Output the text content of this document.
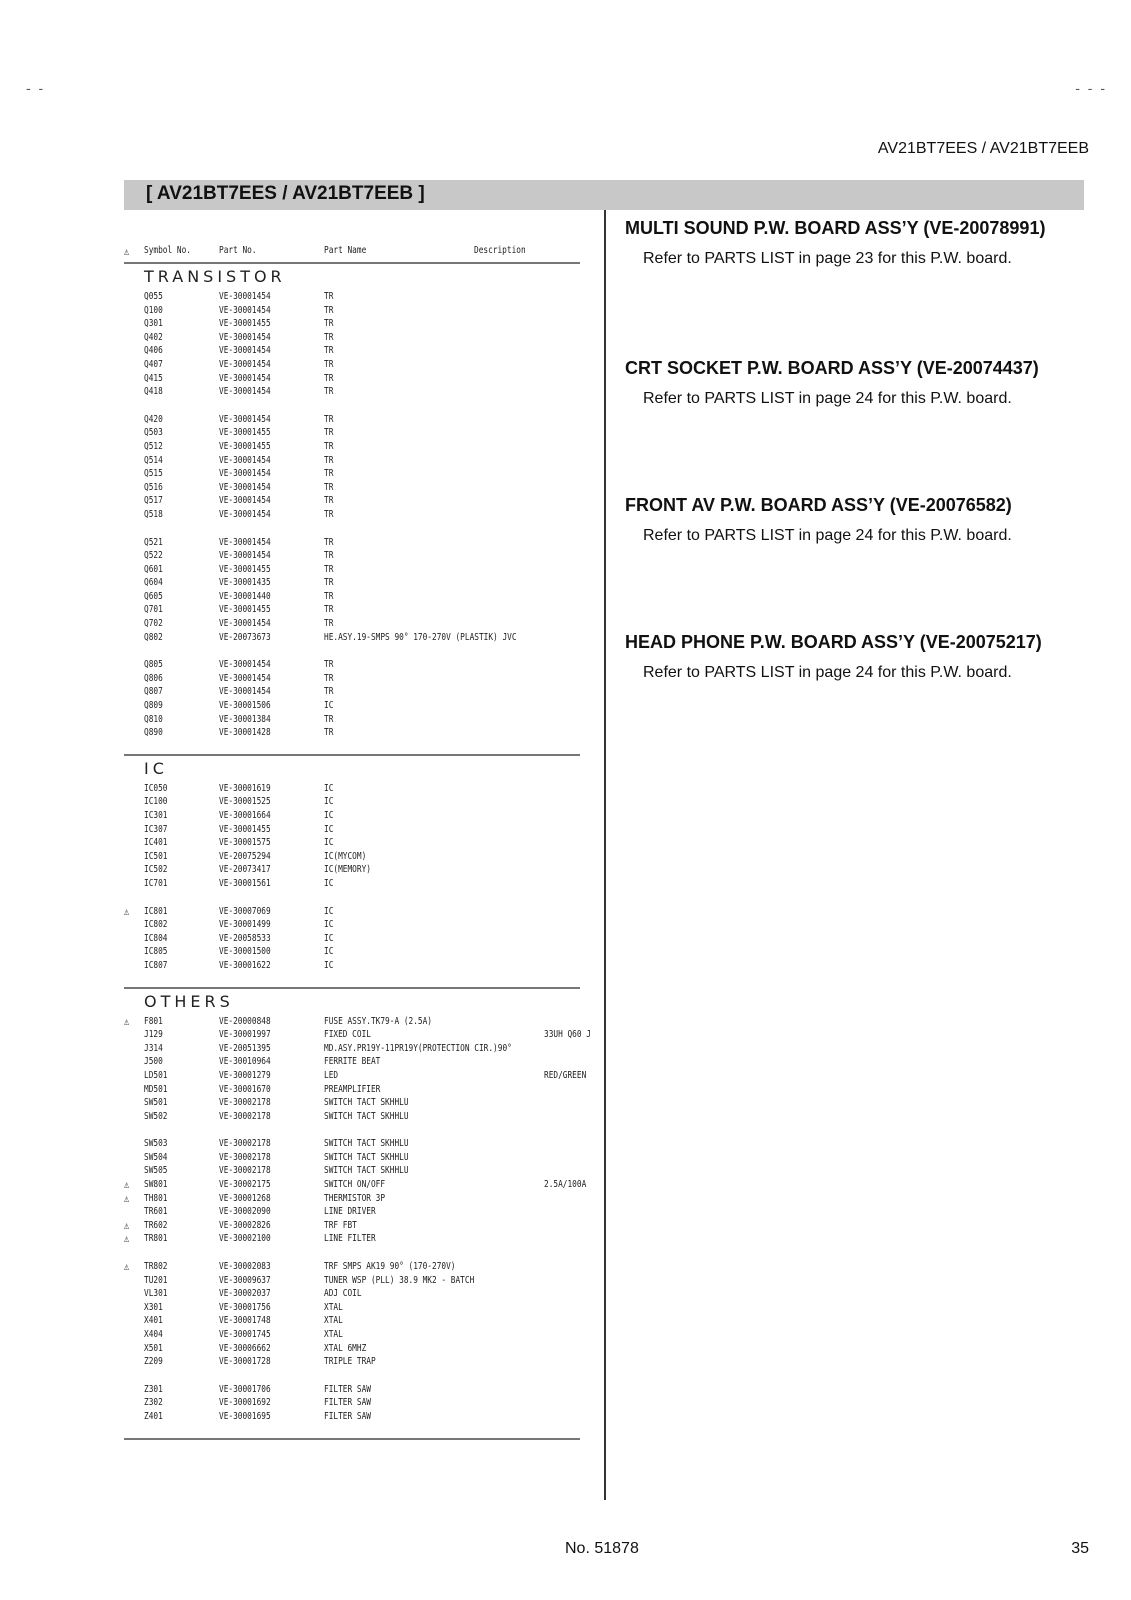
- -	- - -
AV21BT7EES / AV21BT7EEB
[ AV21BT7EES / AV21BT7EEB ]
⚠ Symbol No.	Part No.	Part Name	Description
TRANSISTOR
Q055	VE-30001454	TR
Q100	VE-30001454	TR
Q301	VE-30001455	TR
Q402	VE-30001454	TR
Q406	VE-30001454	TR
Q407	VE-30001454	TR
Q415	VE-30001454	TR
Q418	VE-30001454	TR
Q420	VE-30001454	TR
Q503	VE-30001455	TR
Q512	VE-30001455	TR
Q514	VE-30001454	TR
Q515	VE-30001454	TR
Q516	VE-30001454	TR
Q517	VE-30001454	TR
Q518	VE-30001454	TR
Q521	VE-30001454	TR
Q522	VE-30001454	TR
Q601	VE-30001455	TR
Q604	VE-30001435	TR
Q605	VE-30001440	TR
Q701	VE-30001455	TR
Q702	VE-30001454	TR
Q802	VE-20073673	HE.ASY.19-SMPS 90° 170-270V (PLASTIK) JVC
Q805	VE-30001454	TR
Q806	VE-30001454	TR
Q807	VE-30001454	TR
Q809	VE-30001506	IC
Q810	VE-30001384	TR
Q890	VE-30001428	TR
IC
IC050	VE-30001619	IC
IC100	VE-30001525	IC
IC301	VE-30001664	IC
IC307	VE-30001455	IC
IC401	VE-30001575	IC
IC501	VE-20075294	IC(MYCOM)
IC502	VE-20073417	IC(MEMORY)
IC701	VE-30001561	IC
⚠ IC801	VE-30007069	IC
IC802	VE-30001499	IC
IC804	VE-20058533	IC
IC805	VE-30001500	IC
IC807	VE-30001622	IC
OTHERS
⚠ F801	VE-20000848	FUSE ASSY.TK79-A (2.5A)
J129	VE-30001997	FIXED COIL	33UH Q60 J
J314	VE-20051395	MD.ASY.PR19Y-11PR19Y(PROTECTION CIR.)90°
J500	VE-30010964	FERRITE BEAT
LD501	VE-30001279	LED	RED/GREEN
MD501	VE-30001670	PREAMPLIFIER
SW501	VE-30002178	SWITCH TACT SKHHLU
SW502	VE-30002178	SWITCH TACT SKHHLU
SW503	VE-30002178	SWITCH TACT SKHHLU
SW504	VE-30002178	SWITCH TACT SKHHLU
SW505	VE-30002178	SWITCH TACT SKHHLU
⚠ SW801	VE-30002175	SWITCH ON/OFF	2.5A/100A
⚠ TH801	VE-30001268	THERMISTOR 3P
TR601	VE-30002090	LINE DRIVER
⚠ TR602	VE-30002826	TRF FBT
⚠ TR801	VE-30002100	LINE FILTER
⚠ TR802	VE-30002083	TRF SMPS AK19 90° (170-270V)
TU201	VE-30009637	TUNER WSP (PLL) 38.9 MK2 - BATCH
VL301	VE-30002037	ADJ COIL
X301	VE-30001756	XTAL
X401	VE-30001748	XTAL
X404	VE-30001745	XTAL
X501	VE-30006662	XTAL 6MHZ
Z209	VE-30001728	TRIPLE TRAP
Z301	VE-30001706	FILTER SAW
Z302	VE-30001692	FILTER SAW
Z401	VE-30001695	FILTER SAW
MULTI SOUND P.W. BOARD ASS’Y (VE-20078991)

Refer to PARTS LIST in page 23 for this P.W. board.

CRT SOCKET P.W. BOARD ASS’Y (VE-20074437)

Refer to PARTS LIST in page 24 for this P.W. board.

FRONT AV P.W. BOARD ASS’Y (VE-20076582)

Refer to PARTS LIST in page 24 for this P.W. board.

HEAD PHONE P.W. BOARD ASS’Y (VE-20075217)

Refer to PARTS LIST in page 24 for this P.W. board.

No. 51878	35
